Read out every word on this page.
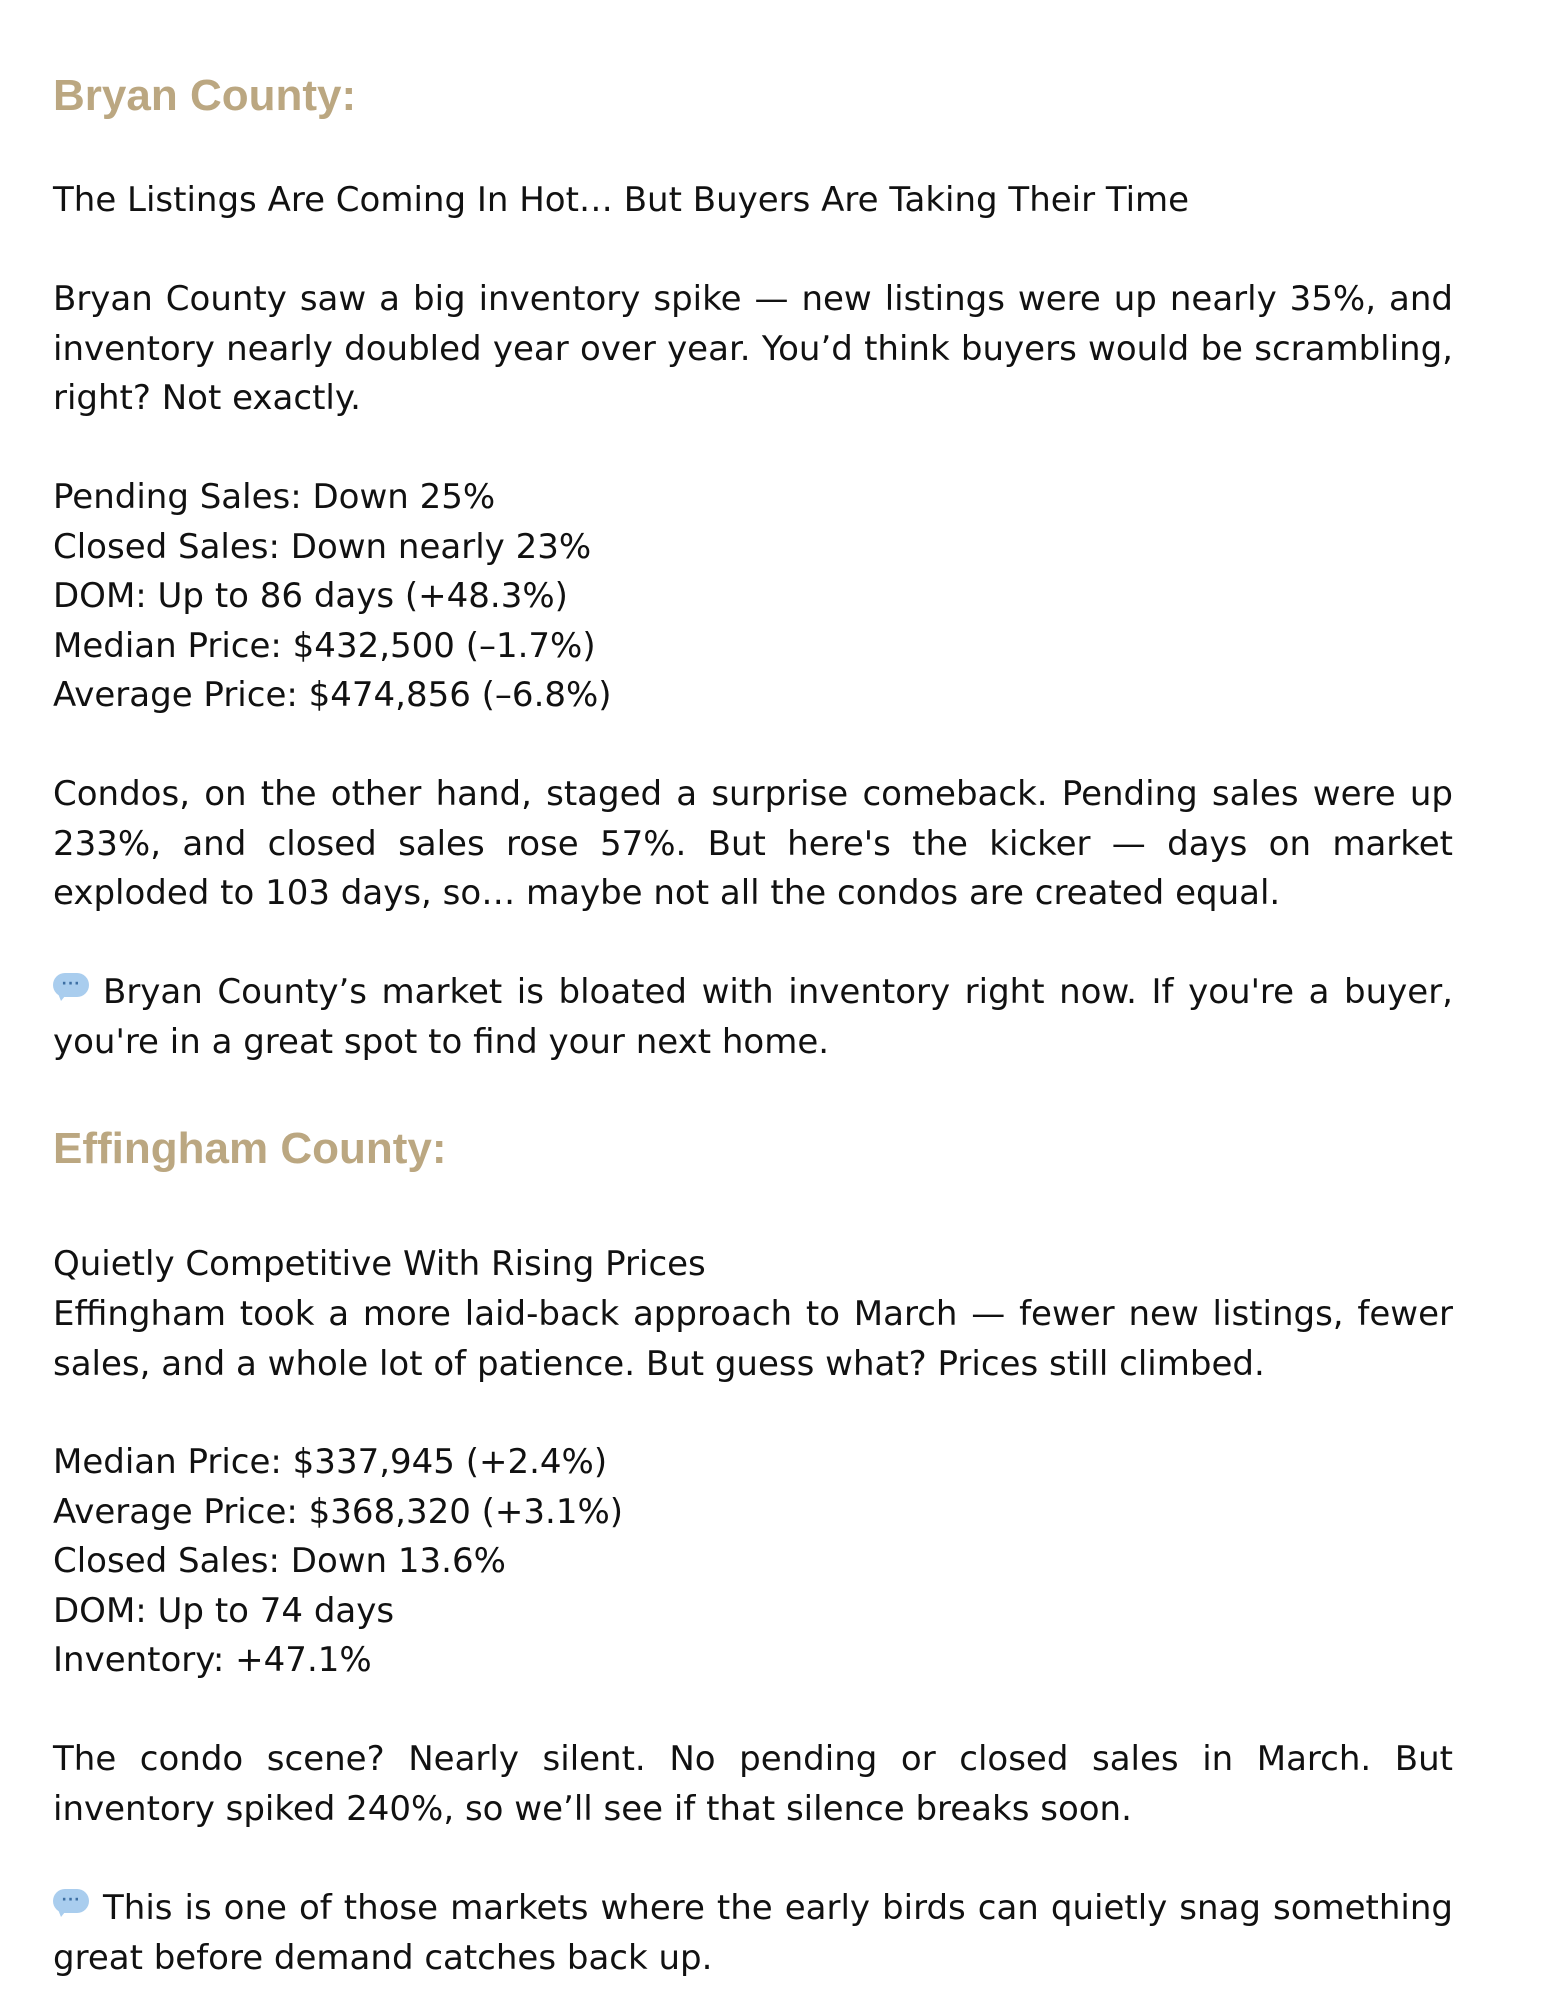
Bryan County:

The Listings Are Coming In Hot… But Buyers Are Taking Their Time

Bryan County saw a big inventory spike — new listings were up nearly 35%, and inventory nearly doubled year over year. You’d think buyers would be scrambling, right? Not exactly.

Pending Sales: Down 25%
Closed Sales: Down nearly 23%
DOM: Up to 86 days (+48.3%)
Median Price: $432,500 (–1.7%)
Average Price: $474,856 (–6.8%)

Condos, on the other hand, staged a surprise comeback. Pending sales were up 233%, and closed sales rose 57%. But here's the kicker — days on market exploded to 103 days, so… maybe not all the condos are created equal.

··· Bryan County’s market is bloated with inventory right now. If you're a buyer, you're in a great spot to find your next home.

Effingham County:

Quietly Competitive With Rising Prices

Effingham took a more laid-back approach to March — fewer new listings, fewer sales, and a whole lot of patience. But guess what? Prices still climbed.

Median Price: $337,945 (+2.4%)
Average Price: $368,320 (+3.1%)
Closed Sales: Down 13.6%
DOM: Up to 74 days
Inventory: +47.1%

The condo scene? Nearly silent. No pending or closed sales in March. But inventory spiked 240%, so we’ll see if that silence breaks soon.

··· This is one of those markets where the early birds can quietly snag something great before demand catches back up.
